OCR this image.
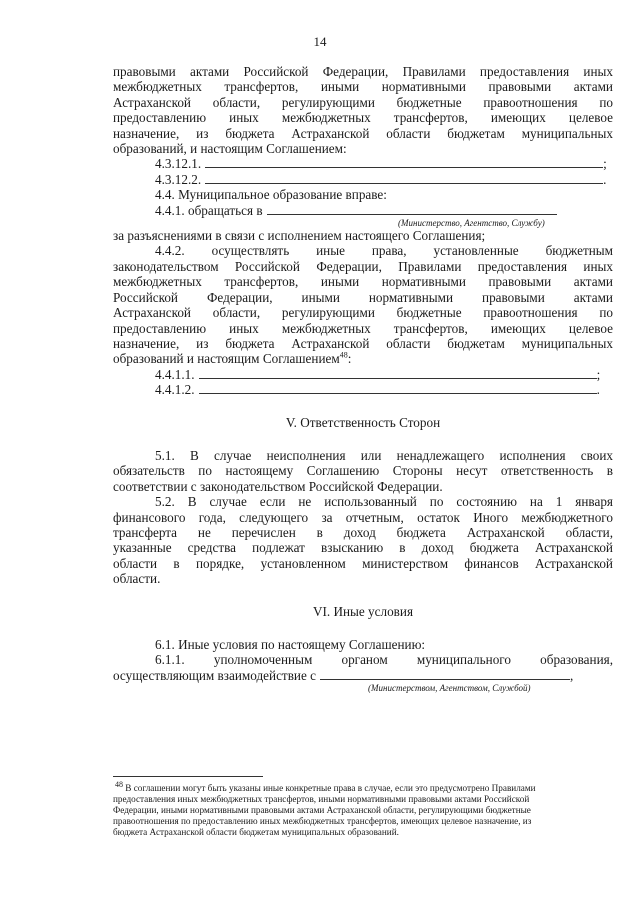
14
правовыми актами Российской Федерации, Правилами предоставления иных
межбюджетных трансфертов, иными нормативными правовыми актами
Астраханской области, регулирующими бюджетные правоотношения по
предоставлению иных межбюджетных трансфертов, имеющих целевое
назначение, из бюджета Астраханской области бюджетам муниципальных
образований, и настоящим Соглашением:
4.3.12.1.	;
4.3.12.2.	.
4.4. Муниципальное образование вправе:
4.4.1. обращаться в
(Министерство, Агентство, Службу)
за разъяснениями в связи с исполнением настоящего Соглашения;
4.4.2. осуществлять иные права, установленные бюджетным
законодательством Российской Федерации, Правилами предоставления иных
межбюджетных трансфертов, иными нормативными правовыми актами
Российской Федерации, иными нормативными правовыми актами
Астраханской области, регулирующими бюджетные правоотношения по
предоставлению иных межбюджетных трансфертов, имеющих целевое
назначение, из бюджета Астраханской области бюджетам муниципальных
образований и настоящим Соглашением$^{48}$:
4.4.1.1.	;
4.4.1.2.	.
V. Ответственность Сторон
5.1. В случае неисполнения или ненадлежащего исполнения своих
обязательств по настоящему Соглашению Стороны несут ответственность в
соответствии с законодательством Российской Федерации.
5.2. В случае если не использованный по состоянию на 1 января
финансового года, следующего за отчетным, остаток Иного межбюджетного
трансферта не перечислен в доход бюджета Астраханской области,
указанные средства подлежат взысканию в доход бюджета Астраханской
области в порядке, установленном министерством финансов Астраханской
области.
VI. Иные условия
6.1. Иные условия по настоящему Соглашению:
6.1.1. уполномоченным органом муниципального образования,
осуществляющим взаимодействие с	,
(Министерством, Агентством, Службой)
$^{48}$ В соглашении могут быть указаны иные конкретные права в случае, если это предусмотрено Правилами
предоставления иных межбюджетных трансфертов, иными нормативными правовыми актами Российской
Федерации, иными нормативными правовыми актами Астраханской области, регулирующими бюджетные
правоотношения по предоставлению иных межбюджетных трансфертов, имеющих целевое назначение, из
бюджета Астраханской области бюджетам муниципальных образований.
